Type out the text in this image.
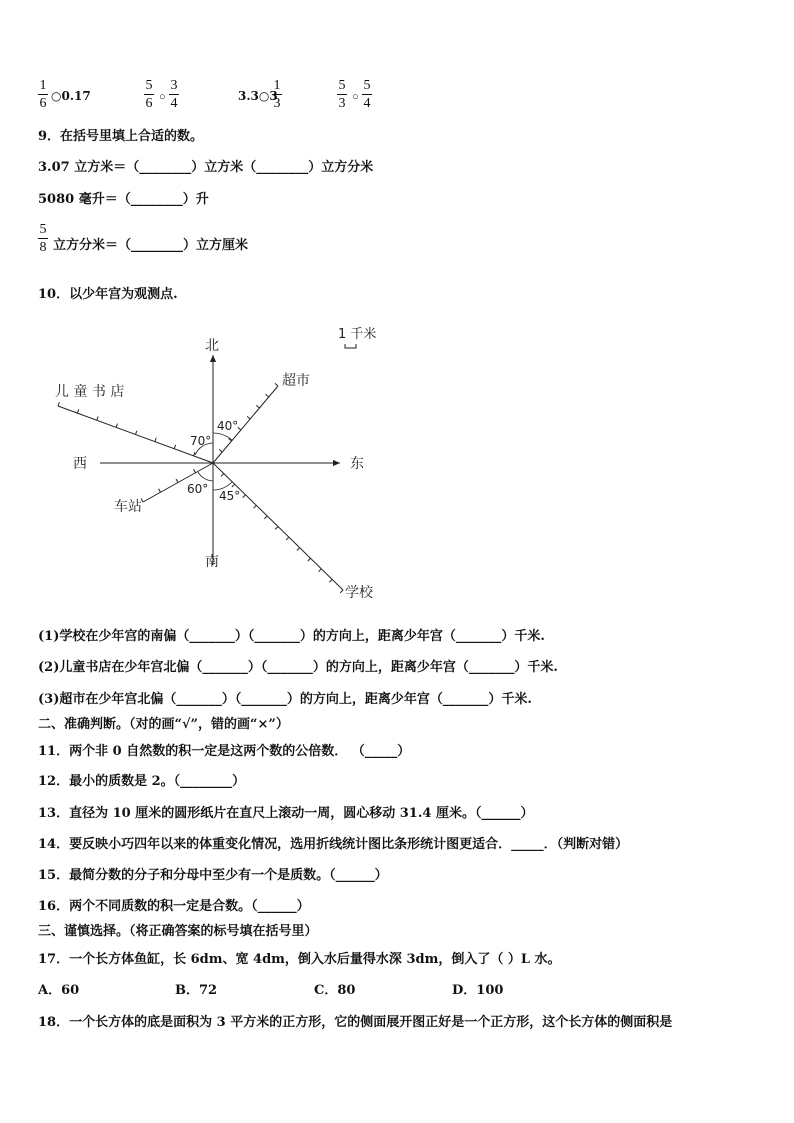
1
6 ○0.17
5
6 ○
3
4	3.3○3
1
3
5
3 ○
5
4
9．在括号里填上合适的数。
3.07 立方米＝（________）立方米（________）立方分米
5080 毫升＝（________）升
5
8 立方分米＝（________）立方厘米
10．以少年宫为观测点.
1 千米
北
南
东
西
超市
儿 童 书 店
车站
学校
40°
70°
60° 45°
(1)学校在少年宫的南偏（_______）（_______）的方向上，距离少年宫（_______）千米.
(2)儿童书店在少年宫北偏（_______）（_______）的方向上，距离少年宫（_______）千米.
(3)超市在少年宫北偏（_______）（_______）的方向上，距离少年宫（_______）千米.
二、准确判断。（对的画“√”，错的画“×”）
11．两个非 0 自然数的积一定是这两个数的公倍数． （_____）
12．最小的质数是 2。（________）
13．直径为 10 厘米的圆形纸片在直尺上滚动一周，圆心移动 31.4 厘米。（______）
14．要反映小巧四年以来的体重变化情况，选用折线统计图比条形统计图更适合．_____．（判断对错）
15．最简分数的分子和分母中至少有一个是质数。（______）
16．两个不同质数的积一定是合数。（______）
三、谨慎选择。（将正确答案的标号填在括号里）
17．一个长方体鱼缸，长 6dm、宽 4dm，倒入水后量得水深 3dm，倒入了（ ）L 水。
A．60	B．72	C．80	D．100
18．一个长方体的底是面积为 3 平方米的正方形，它的侧面展开图正好是一个正方形，这个长方体的侧面积是
